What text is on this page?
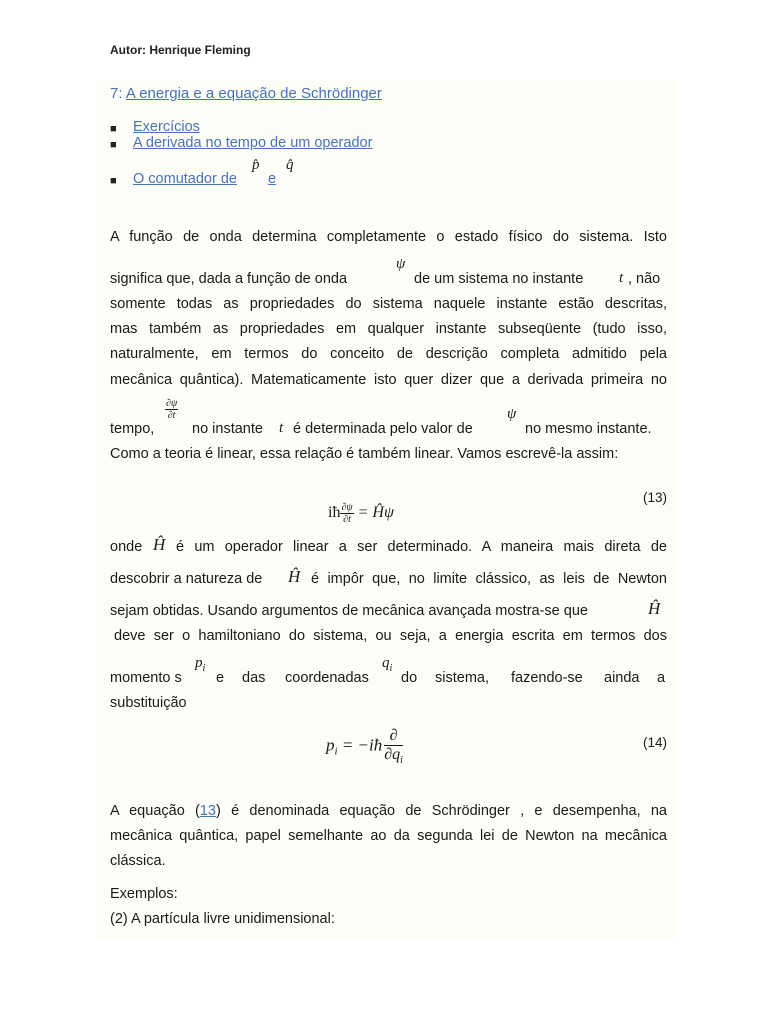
Autor: Henrique Fleming
7: A energia e a equação de Schrödinger
■ Exercícios
■ A derivada no tempo de um operador
■ O comutador de
p̂
e
q̂
A função de onda determina completamente o estado físico do sistema. Isto
ψ
significa que, dada a função de onda	de um sistema no instante t , não
somente todas as propriedades do sistema naquele instante estão descritas,
mas também as propriedades em qualquer instante subseqüente (tudo isso,
naturalmente, em termos do conceito de descrição completa admitido pela
mecânica quântica). Matematicamente isto quer dizer que a derivada primeira no
$\frac{\partial\psi}{\partial t}$
tempo,	no instante t é determinada pelo valor de
ψ
no mesmo instante.
Como a teoria é linear, essa relação é também linear. Vamos escrevê-la assim:
iħ $\frac{\partial\psi}{\partial t}$ = Ĥψ
(13)
onde Ĥ é um operador linear a ser determinado. A maneira mais direta de
descobrir a natureza de Ĥ é impôr que, no limite clássico, as leis de Newton
sejam obtidas. Usando argumentos de mecânica avançada mostra-se que	Ĥ
deve ser o hamiltoniano do sistema, ou seja, a energia escrita em termos dos
momento s
$p_i$
e das coordenadas
$q_i$
do sistema, fazendo-se ainda a
substituição
$p_i$ = −iħ $\frac{\partial}{\partial q_i}$	(14)
A equação (13) é denominada equação de Schrödinger , e desempenha, na
mecânica quântica, papel semelhante ao da segunda lei de Newton na mecânica
clássica.
Exemplos:
(2) A partícula livre unidimensional:
